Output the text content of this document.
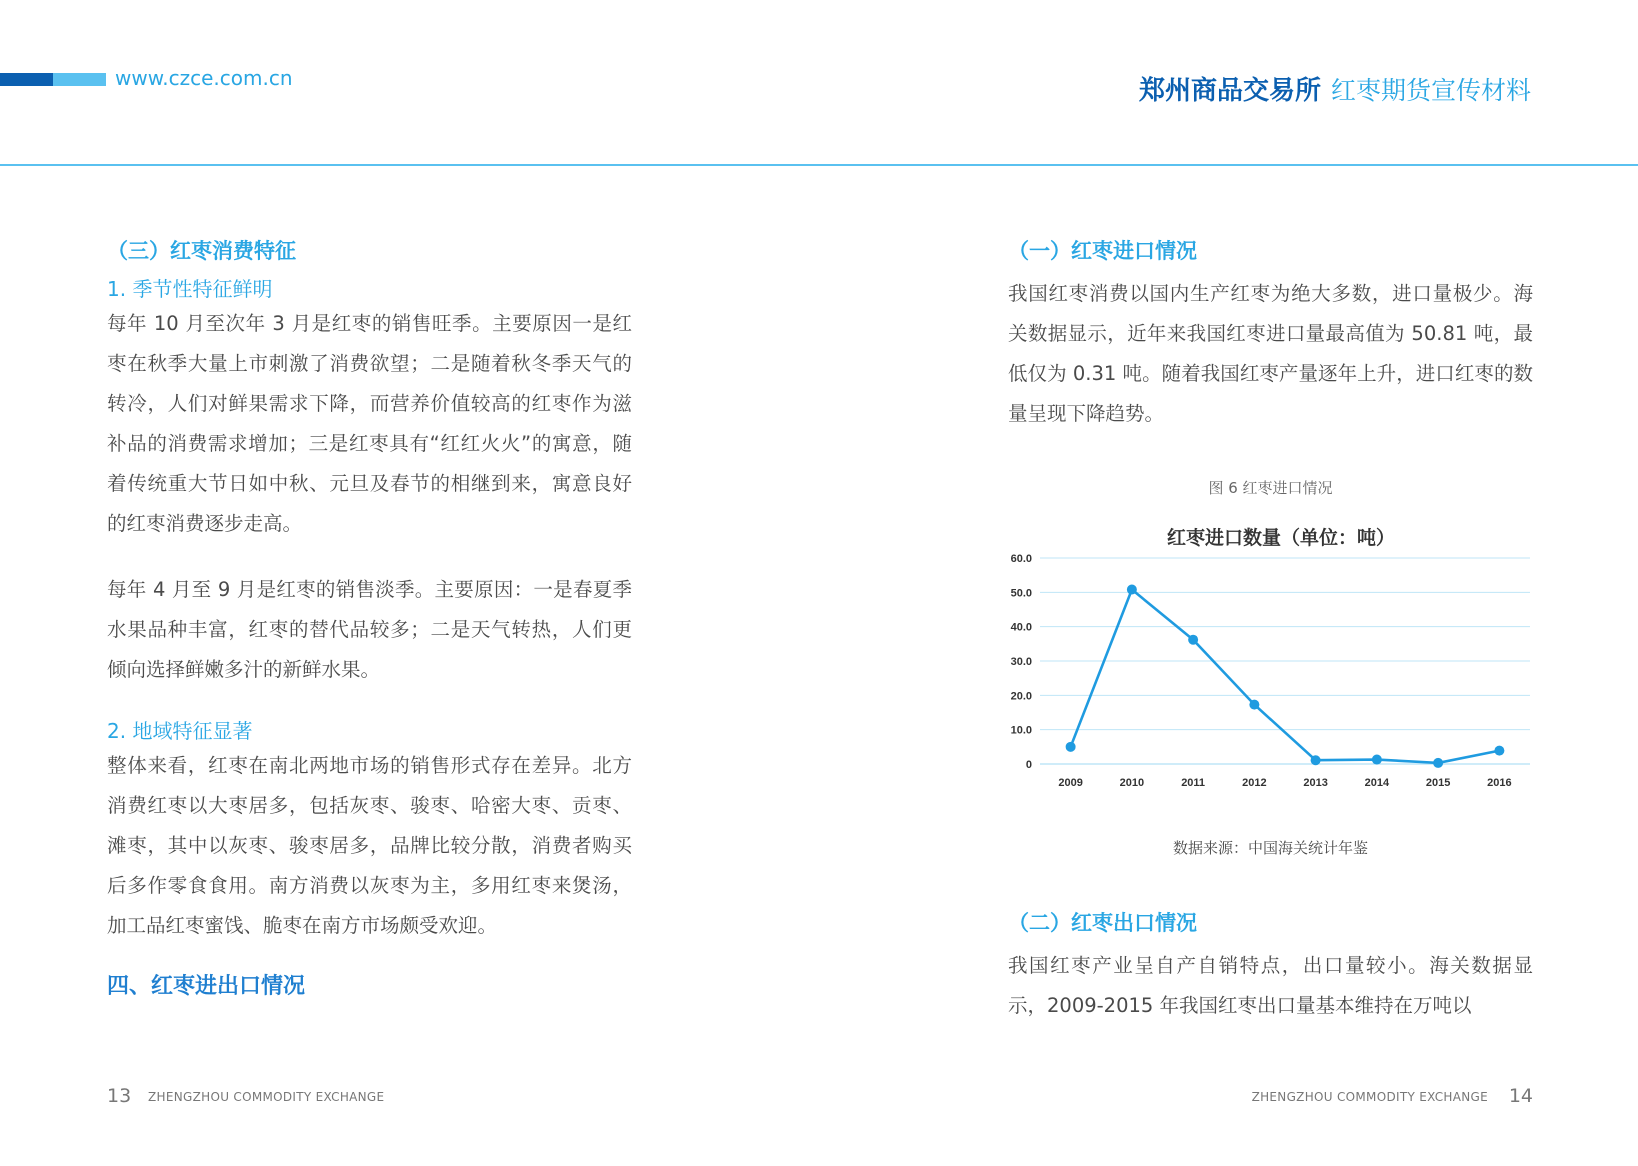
www.czce.com.cn	郑州商品交易所 红枣期货宣传材料
（三）红枣消费特征
1. 季节性特征鲜明

每年 10 月至次年 3 月是红枣的销售旺季。主要原因一是红枣在秋季大量上市刺激了消费欲望；二是随着秋冬季天气的转冷，人们对鲜果需求下降，而营养价值较高的红枣作为滋补品的消费需求增加；三是红枣具有“红红火火”的寓意，随着传统重大节日如中秋、元旦及春节的相继到来，寓意良好的红枣消费逐步走高。

每年 4 月至 9 月是红枣的销售淡季。主要原因：一是春夏季水果品种丰富，红枣的替代品较多；二是天气转热，人们更倾向选择鲜嫩多汁的新鲜水果。

2. 地域特征显著

整体来看，红枣在南北两地市场的销售形式存在差异。北方消费红枣以大枣居多，包括灰枣、骏枣、哈密大枣、贡枣、滩枣，其中以灰枣、骏枣居多，品牌比较分散，消费者购买后多作零食食用。南方消费以灰枣为主，多用红枣来煲汤，加工品红枣蜜饯、脆枣在南方市场颇受欢迎。

四、红枣进出口情况
（一）红枣进口情况

我国红枣消费以国内生产红枣为绝大多数，进口量极少。海关数据显示，近年来我国红枣进口量最高值为 50.81 吨，最低仅为 0.31 吨。随着我国红枣产量逐年上升，进口红枣的数量呈现下降趋势。

图 6 红枣进口情况
红枣进口数量（单位：吨）
0
10.0
20.0
30.0
40.0
50.0
60.0
2009	2010	2011	2012	2013	2014	2015	2016
数据来源：中国海关统计年鉴
（二）红枣出口情况

我国红枣产业呈自产自销特点，出口量较小。海关数据显示，2009-2015 年我国红枣出口量基本维持在万吨以

13 ZHENGZHOU COMMODITY EXCHANGE	ZHENGZHOU COMMODITY EXCHANGE 14
